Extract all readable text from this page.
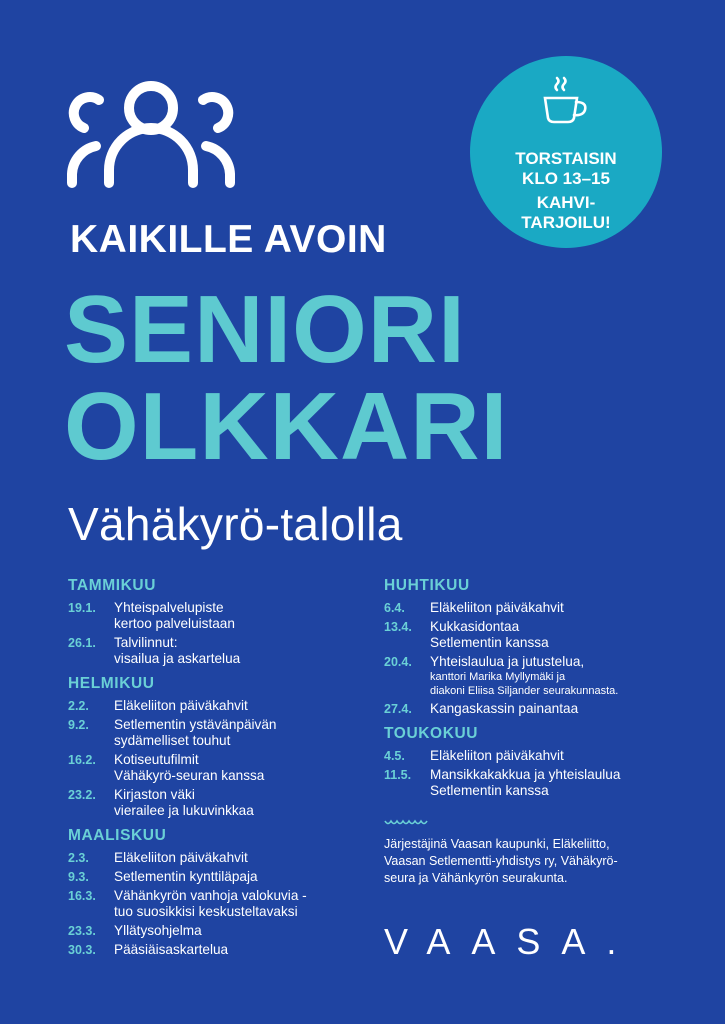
TORSTAISIN
KLO 13–15
KAHVI-
TARJOILU!
KAIKILLE AVOIN
SENIORI
OLKKARI
Vähäkyrö-talolla
TAMMIKUU
19.1. Yhteispalvelupiste
kertoo palveluistaan
26.1. Talvilinnut:
visailua ja askartelua
HELMIKUU
2.2. Eläkeliiton päiväkahvit
9.2. Setlementin ystävänpäivän
sydämelliset touhut
16.2. Kotiseutufilmit
Vähäkyrö-seuran kanssa
23.2. Kirjaston väki
vierailee ja lukuvinkkaa
MAALISKUU
2.3. Eläkeliiton päiväkahvit
9.3. Setlementin kynttiläpaja
16.3. Vähänkyrön vanhoja valokuvia -
tuo suosikkisi keskusteltavaksi
23.3. Yllätysohjelma
30.3. Pääsiäisaskartelua
HUHTIKUU
6.4. Eläkeliiton päiväkahvit
13.4. Kukkasidontaa
Setlementin kanssa
20.4. Yhteislaulua ja jutustelua,
kanttori Marika Myllymäki ja
diakoni Eliisa Siljander seurakunnasta.
27.4. Kangaskassin painantaa
TOUKOKUU
4.5. Eläkeliiton päiväkahvit
11.5. Mansikkakakkua ja yhteislaulua
Setlementin kanssa
Järjestäjinä Vaasan kaupunki, Eläkeliitto,
Vaasan Setlementti-yhdistys ry, Vähäkyrö-
seura ja Vähänkyrön seurakunta.
VAASA.
